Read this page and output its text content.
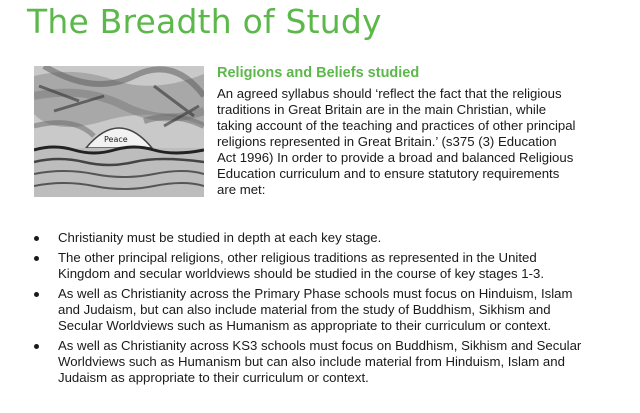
The Breadth of Study
Peace
Religions and Beliefs studied

An agreed syllabus should ‘reflect the fact that the religious
traditions in Great Britain are in the main Christian, while
taking account of the teaching and practices of other principal
religions represented in Great Britain.’ (s375 (3) Education
Act 1996) In order to provide a broad and balanced Religious
Education curriculum and to ensure statutory requirements
are met:

Christianity must be studied in depth at each key stage.
The other principal religions, other religious traditions as represented in the United
Kingdom and secular worldviews should be studied in the course of key stages 1-3.
As well as Christianity across the Primary Phase schools must focus on Hinduism, Islam
and Judaism, but can also include material from the study of Buddhism, Sikhism and
Secular Worldviews such as Humanism as appropriate to their curriculum or context.
As well as Christianity across KS3 schools must focus on Buddhism, Sikhism and Secular
Worldviews such as Humanism but can also include material from Hinduism, Islam and
Judaism as appropriate to their curriculum or context.
